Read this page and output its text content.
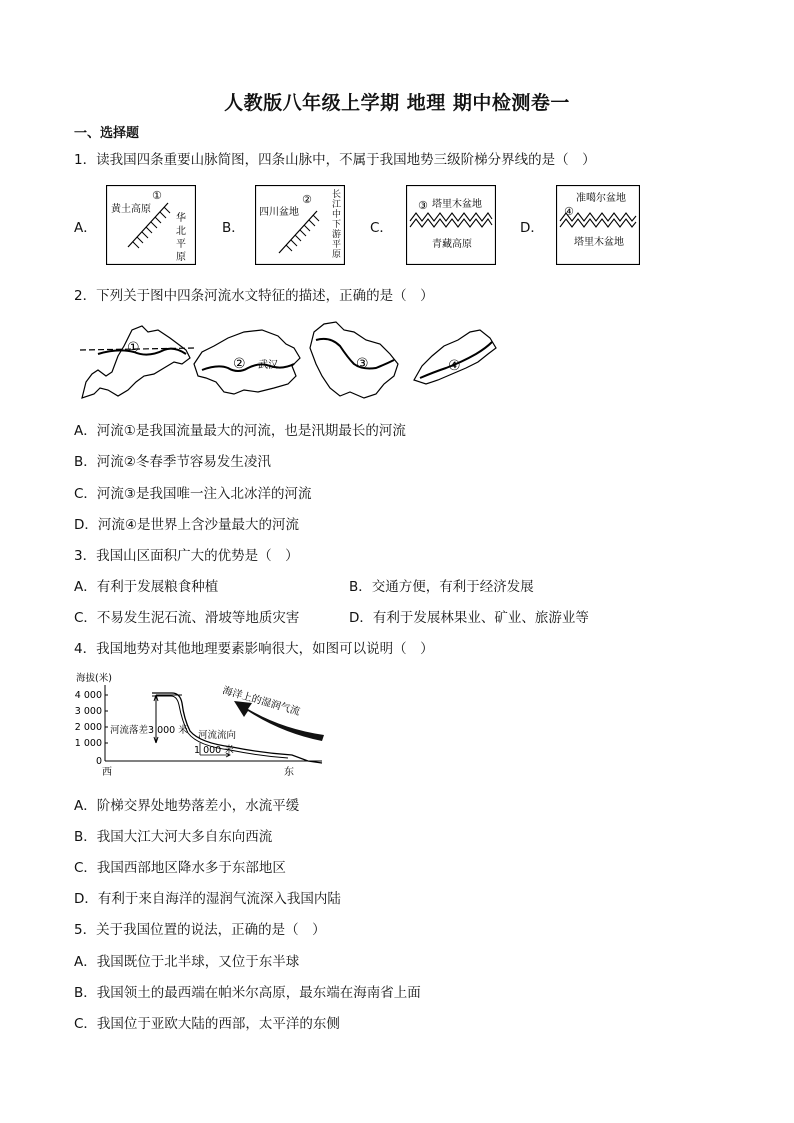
人教版八年级上学期 地理 期中检测卷一
一、选择题
1．读我国四条重要山脉简图，四条山脉中，不属于我国地势三级阶梯分界线的是（　）
A．	B．	C．	D．
①
黄土高原
华
北
平
原
②
四川盆地
长
江
中
下
游
平
原
③ 塔里木盆地
青藏高原
④
准噶尔盆地
塔里木盆地
2．下列关于图中四条河流水文特征的描述，正确的是（　）
①
② 武汉	③	④
A．河流①是我国流量最大的河流，也是汛期最长的河流
B．河流②冬春季节容易发生凌汛
C．河流③是我国唯一注入北冰洋的河流
D．河流④是世界上含沙量最大的河流
3．我国山区面积广大的优势是（　）
A．有利于发展粮食种植	B．交通方便，有利于经济发展
C．不易发生泥石流、滑坡等地质灾害	D．有利于发展林果业、矿业、旅游业等
4．我国地势对其他地理要素影响很大，如图可以说明（　）
海拔(米)
4 000
3 000
2 000
1 000
0
河流落差3 000 米 河流流向
1 000 米
海洋上的湿润气流
西	东
A．阶梯交界处地势落差小，水流平缓
B．我国大江大河大多自东向西流
C．我国西部地区降水多于东部地区
D．有利于来自海洋的湿润气流深入我国内陆
5．关于我国位置的说法，正确的是（　）
A．我国既位于北半球，又位于东半球
B．我国领土的最西端在帕米尔高原，最东端在海南省上面
C．我国位于亚欧大陆的西部，太平洋的东侧
